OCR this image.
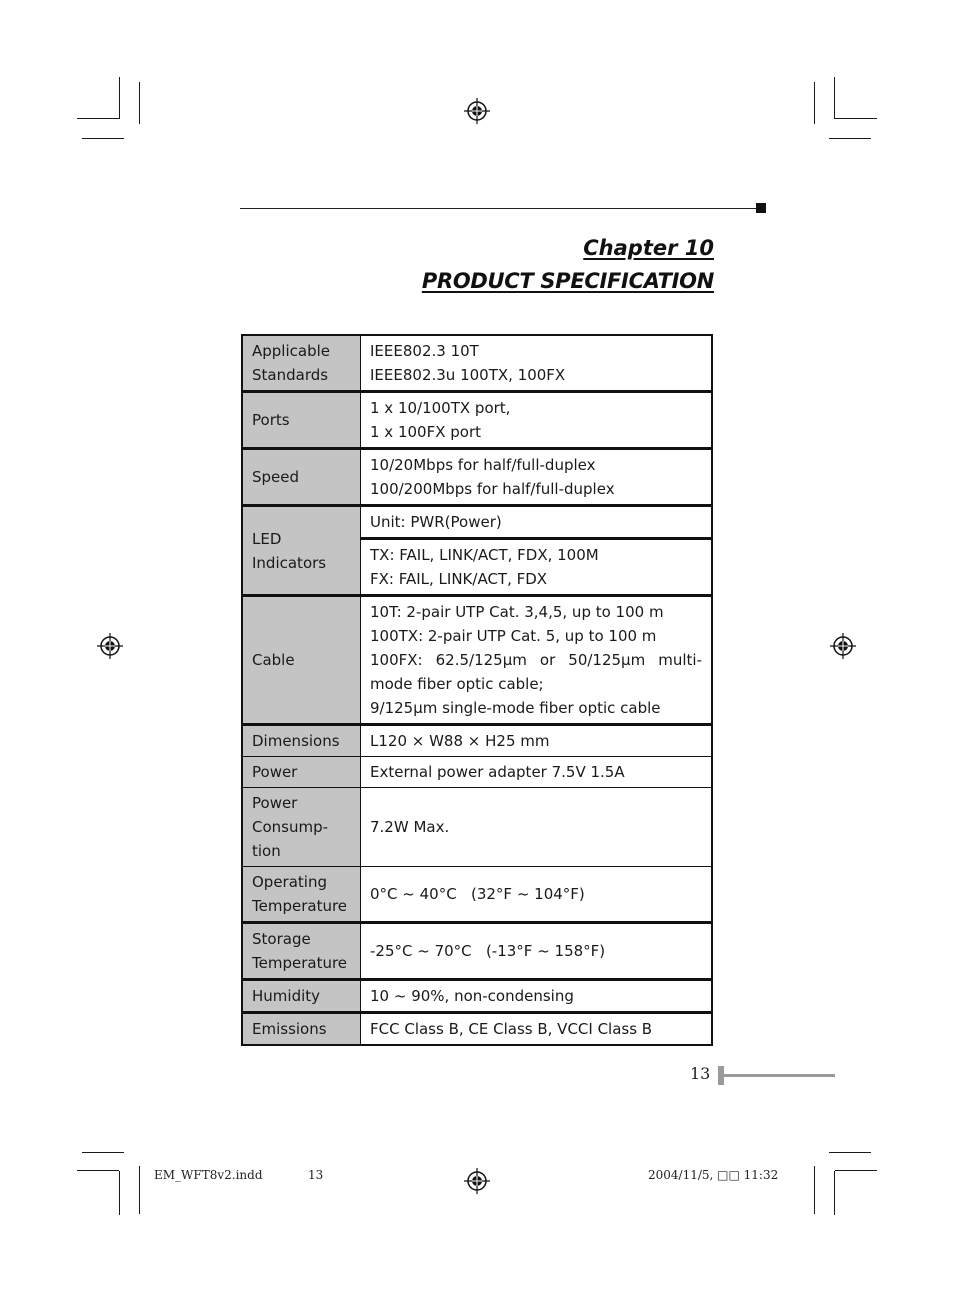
Chapter 10
PRODUCT SPECIFICATION
Applicable
Standards	IEEE802.3 10T
IEEE802.3u 100TX, 100FX

Ports	1 x 10/100TX port,
1 x 100FX port

Speed	10/20Mbps for half/full-duplex
100/200Mbps for half/full-duplex

LED
Indicators	Unit: PWR(Power)

	TX: FAIL, LINK/ACT, FDX, 100M
FX: FAIL, LINK/ACT, FDX

Cable	10T: 2-pair UTP Cat. 3,4,5, up to 100 m
100TX: 2-pair UTP Cat. 5, up to 100 m
100FX: 62.5/125μm or 50/125μm multi-
mode fiber optic cable;
9/125μm single-mode fiber optic cable

Dimensions	L120 × W88 × H25 mm
Power	External power adapter 7.5V 1.5A

Power
Consump-
tion	7.2W Max.

Operating
Temperature	0°C ~ 40°C   (32°F ~ 104°F)

Storage
Temperature	-25°C ~ 70°C   (-13°F ~ 158°F)
Humidity	10 ~ 90%, non-condensing
Emissions	FCC Class B, CE Class B, VCCI Class B
13
EM_WFT8v2.indd	13	2004/11/5, □□ 11:32
